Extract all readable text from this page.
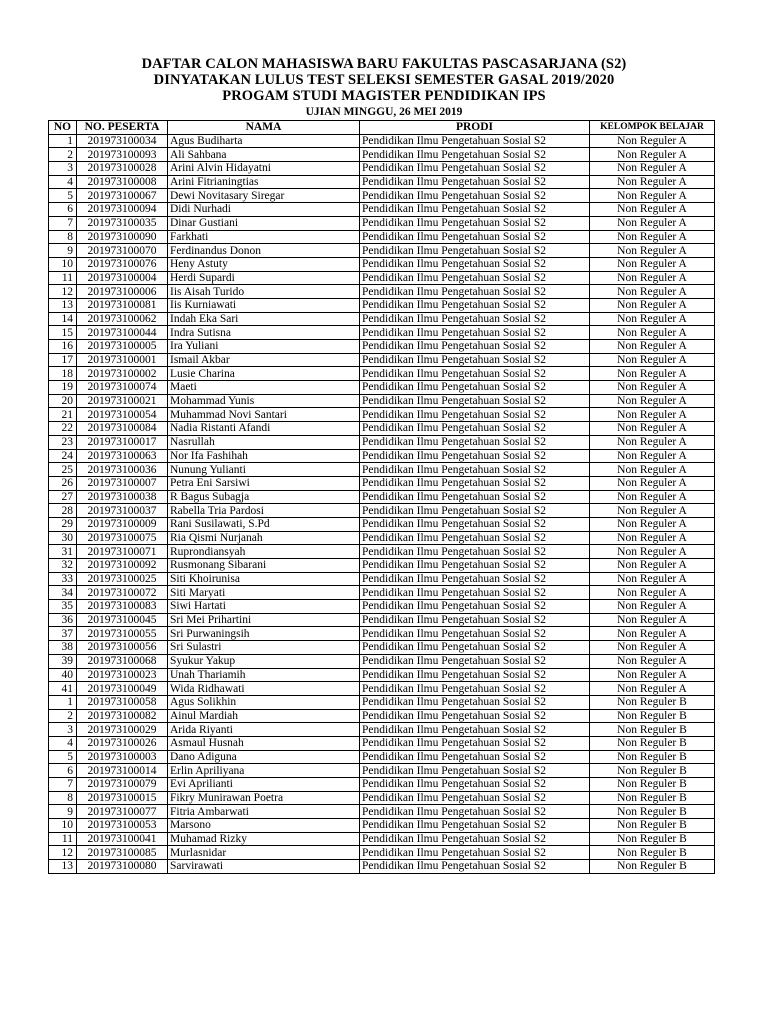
DAFTAR CALON MAHASISWA BARU FAKULTAS PASCASARJANA (S2)
DINYATAKAN LULUS TEST SELEKSI SEMESTER GASAL 2019/2020
PROGAM STUDI MAGISTER PENDIDIKAN IPS
UJIAN MINGGU, 26 MEI 2019
NO	NO. PESERTA	NAMA	PRODI	KELOMPOK BELAJAR
1	201973100034	Agus Budiharta	Pendidikan Ilmu Pengetahuan Sosial S2	Non Reguler A
2	201973100093	Ali Sahbana	Pendidikan Ilmu Pengetahuan Sosial S2	Non Reguler A
3	201973100028	Arini Alvin Hidayatni	Pendidikan Ilmu Pengetahuan Sosial S2	Non Reguler A
4	201973100008	Arini Fitrianingtias	Pendidikan Ilmu Pengetahuan Sosial S2	Non Reguler A
5	201973100067	Dewi Novitasary Siregar	Pendidikan Ilmu Pengetahuan Sosial S2	Non Reguler A
6	201973100094	Didi Nurhadi	Pendidikan Ilmu Pengetahuan Sosial S2	Non Reguler A
7	201973100035	Dinar Gustiani	Pendidikan Ilmu Pengetahuan Sosial S2	Non Reguler A
8	201973100090	Farkhati	Pendidikan Ilmu Pengetahuan Sosial S2	Non Reguler A
9	201973100070	Ferdinandus Donon	Pendidikan Ilmu Pengetahuan Sosial S2	Non Reguler A
10	201973100076	Heny Astuty	Pendidikan Ilmu Pengetahuan Sosial S2	Non Reguler A
11	201973100004	Herdi Supardi	Pendidikan Ilmu Pengetahuan Sosial S2	Non Reguler A
12	201973100006	Iis Aisah Turido	Pendidikan Ilmu Pengetahuan Sosial S2	Non Reguler A
13	201973100081	Iis Kurniawati	Pendidikan Ilmu Pengetahuan Sosial S2	Non Reguler A
14	201973100062	Indah Eka Sari	Pendidikan Ilmu Pengetahuan Sosial S2	Non Reguler A
15	201973100044	Indra Sutisna	Pendidikan Ilmu Pengetahuan Sosial S2	Non Reguler A
16	201973100005	Ira Yuliani	Pendidikan Ilmu Pengetahuan Sosial S2	Non Reguler A
17	201973100001	Ismail Akbar	Pendidikan Ilmu Pengetahuan Sosial S2	Non Reguler A
18	201973100002	Lusie Charina	Pendidikan Ilmu Pengetahuan Sosial S2	Non Reguler A
19	201973100074	Maeti	Pendidikan Ilmu Pengetahuan Sosial S2	Non Reguler A
20	201973100021	Mohammad Yunis	Pendidikan Ilmu Pengetahuan Sosial S2	Non Reguler A
21	201973100054	Muhammad Novi Santari	Pendidikan Ilmu Pengetahuan Sosial S2	Non Reguler A
22	201973100084	Nadia Ristanti Afandi	Pendidikan Ilmu Pengetahuan Sosial S2	Non Reguler A
23	201973100017	Nasrullah	Pendidikan Ilmu Pengetahuan Sosial S2	Non Reguler A
24	201973100063	Nor Ifa Fashihah	Pendidikan Ilmu Pengetahuan Sosial S2	Non Reguler A
25	201973100036	Nunung Yulianti	Pendidikan Ilmu Pengetahuan Sosial S2	Non Reguler A
26	201973100007	Petra Eni Sarsiwi	Pendidikan Ilmu Pengetahuan Sosial S2	Non Reguler A
27	201973100038	R Bagus Subagja	Pendidikan Ilmu Pengetahuan Sosial S2	Non Reguler A
28	201973100037	Rabella Tria Pardosi	Pendidikan Ilmu Pengetahuan Sosial S2	Non Reguler A
29	201973100009	Rani Susilawati, S.Pd	Pendidikan Ilmu Pengetahuan Sosial S2	Non Reguler A
30	201973100075	Ria Qismi Nurjanah	Pendidikan Ilmu Pengetahuan Sosial S2	Non Reguler A
31	201973100071	Ruprondiansyah	Pendidikan Ilmu Pengetahuan Sosial S2	Non Reguler A
32	201973100092	Rusmonang Sibarani	Pendidikan Ilmu Pengetahuan Sosial S2	Non Reguler A
33	201973100025	Siti Khoirunisa	Pendidikan Ilmu Pengetahuan Sosial S2	Non Reguler A
34	201973100072	Siti Maryati	Pendidikan Ilmu Pengetahuan Sosial S2	Non Reguler A
35	201973100083	Siwi Hartati	Pendidikan Ilmu Pengetahuan Sosial S2	Non Reguler A
36	201973100045	Sri Mei Prihartini	Pendidikan Ilmu Pengetahuan Sosial S2	Non Reguler A
37	201973100055	Sri Purwaningsih	Pendidikan Ilmu Pengetahuan Sosial S2	Non Reguler A
38	201973100056	Sri Sulastri	Pendidikan Ilmu Pengetahuan Sosial S2	Non Reguler A
39	201973100068	Syukur Yakup	Pendidikan Ilmu Pengetahuan Sosial S2	Non Reguler A
40	201973100023	Unah Thariamih	Pendidikan Ilmu Pengetahuan Sosial S2	Non Reguler A
41	201973100049	Wida Ridhawati	Pendidikan Ilmu Pengetahuan Sosial S2	Non Reguler A
1	201973100058	Agus Solikhin	Pendidikan Ilmu Pengetahuan Sosial S2	Non Reguler B
2	201973100082	Ainul Mardiah	Pendidikan Ilmu Pengetahuan Sosial S2	Non Reguler B
3	201973100029	Arida Riyanti	Pendidikan Ilmu Pengetahuan Sosial S2	Non Reguler B
4	201973100026	Asmaul Husnah	Pendidikan Ilmu Pengetahuan Sosial S2	Non Reguler B
5	201973100003	Dano Adiguna	Pendidikan Ilmu Pengetahuan Sosial S2	Non Reguler B
6	201973100014	Erlin Apriliyana	Pendidikan Ilmu Pengetahuan Sosial S2	Non Reguler B
7	201973100079	Evi Aprilianti	Pendidikan Ilmu Pengetahuan Sosial S2	Non Reguler B
8	201973100015	Fikry Munirawan Poetra	Pendidikan Ilmu Pengetahuan Sosial S2	Non Reguler B
9	201973100077	Fitria Ambarwati	Pendidikan Ilmu Pengetahuan Sosial S2	Non Reguler B
10	201973100053	Marsono	Pendidikan Ilmu Pengetahuan Sosial S2	Non Reguler B
11	201973100041	Muhamad Rizky	Pendidikan Ilmu Pengetahuan Sosial S2	Non Reguler B
12	201973100085	Murlasnidar	Pendidikan Ilmu Pengetahuan Sosial S2	Non Reguler B
13	201973100080	Sarvirawati	Pendidikan Ilmu Pengetahuan Sosial S2	Non Reguler B
